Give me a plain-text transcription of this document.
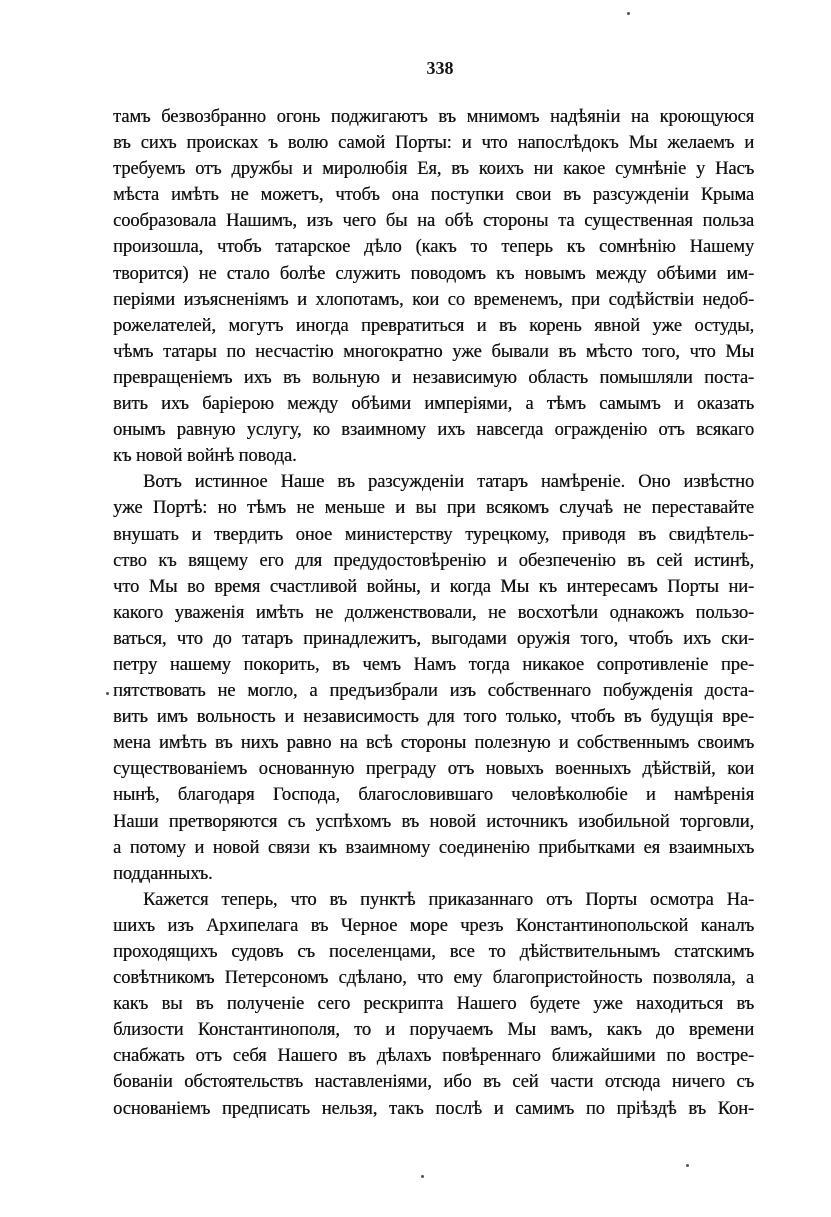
338
тамъ безвозбранно огонь поджигаютъ въ мнимомъ надѣяніи на кроющуюся
въ сихъ происках ъ волю самой Порты: и что напослѣдокъ Мы желаемъ и
требуемъ отъ дружбы и миролюбія Ея, въ коихъ ни какое сумнѣніе у Насъ
мѣста имѣть не можетъ, чтобъ она поступки свои въ разсужденіи Крыма
сообразовала Нашимъ, изъ чего бы на обѣ стороны та существенная польза
произошла, чтобъ татарское дѣло (какъ то теперь къ сомнѣнію Нашему
творится) не стало болѣе служить поводомъ къ новымъ между обѣими им-
періями изъясненіямъ и хлопотамъ, кои со временемъ, при содѣйствіи недоб-
рожелателей, могутъ иногда превратиться и въ корень явной уже остуды,
чѣмъ татары по несчастію многократно уже бывали въ мѣсто того, что Мы
превращеніемъ ихъ въ вольную и независимую область помышляли поста-
вить ихъ баріерою между обѣими имперіями, а тѣмъ самымъ и оказать
онымъ равную услугу, ко взаимному ихъ навсегда огражденію отъ всякаго
къ новой войнѣ повода.
Вотъ истинное Наше въ разсужденіи татаръ намѣреніе. Оно извѣстно
уже Портѣ: но тѣмъ не меньше и вы при всякомъ случаѣ не переставайте
внушать и твердить оное министерству турецкому, приводя въ свидѣтель-
ство къ вящему его для предудостовѣренію и обезпеченію въ сей истинѣ,
что Мы во время счастливой войны, и когда Мы къ интересамъ Порты ни-
какого уваженія имѣть не долженствовали, не восхотѣли однакожъ пользо-
ваться, что до татаръ принадлежитъ, выгодами оружія того, чтобъ ихъ ски-
петру нашему покорить, въ чемъ Намъ тогда никакое сопротивленіе пре-
пятствовать не могло, а предъизбрали изъ собственнаго побужденія доста-
вить имъ вольность и независимость для того только, чтобъ въ будущія вре-
мена имѣть въ нихъ равно на всѣ стороны полезную и собственнымъ своимъ
существованіемъ основанную преграду отъ новыхъ военныхъ дѣйствій, кои
нынѣ, благодаря Господа, благословившаго человѣколюбіе и намѣренія
Наши претворяются съ успѣхомъ въ новой источникъ изобильной торговли,
а потому и новой связи къ взаимному соединенію прибытками ея взаимныхъ
подданныхъ.
Кажется теперь, что въ пунктѣ приказаннаго отъ Порты осмотра На-
шихъ изъ Архипелага въ Черное море чрезъ Константинопольской каналъ
проходящихъ судовъ съ поселенцами, все то дѣйствительнымъ статскимъ
совѣтникомъ Петерсономъ сдѣлано, что ему благопристойность позволяла, а
какъ вы въ полученіе сего рескрипта Нашего будете уже находиться въ
близости Константинополя, то и поручаемъ Мы вамъ, какъ до времени
снабжать отъ себя Нашего въ дѣлахъ повѣреннаго ближайшими по востре-
бованіи обстоятельствъ наставленіями, ибо въ сей части отсюда ничего съ
основаніемъ предписать нельзя, такъ послѣ и самимъ по пріѣздѣ въ Кон-
